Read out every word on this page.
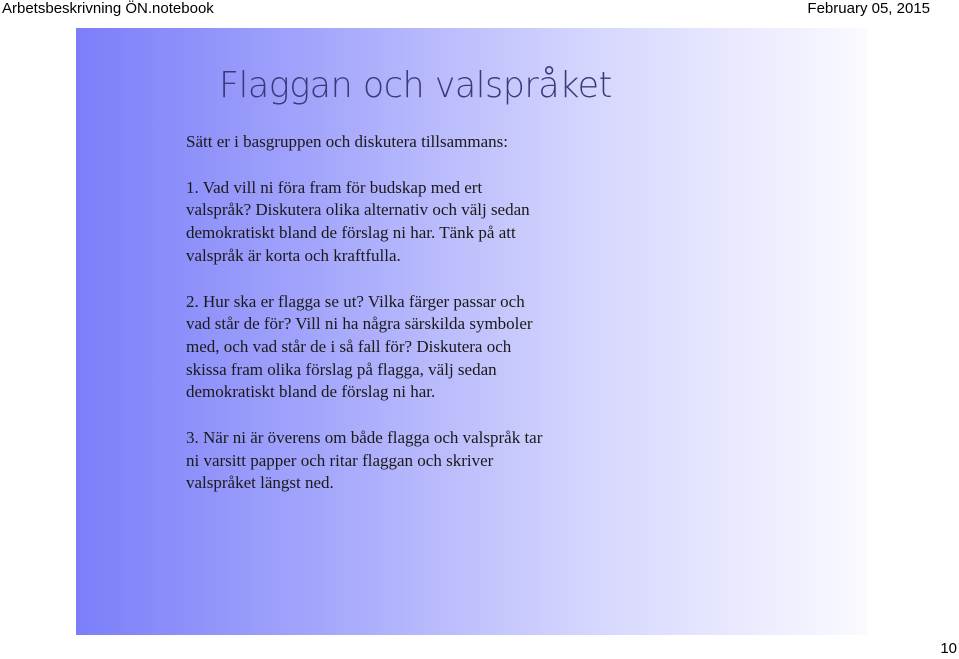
Arbetsbeskrivning ÖN.notebook	February 05, 2015
Flaggan och valspråket

Sätt er i basgruppen och diskutera tillsammans:

1. Vad vill ni föra fram för budskap med ert
valspråk? Diskutera olika alternativ och välj sedan
demokratiskt bland de förslag ni har. Tänk på att
valspråk är korta och kraftfulla.

2. Hur ska er flagga se ut? Vilka färger passar och
vad står de för? Vill ni ha några särskilda symboler
med, och vad står de i så fall för? Diskutera och
skissa fram olika förslag på flagga, välj sedan
demokratiskt bland de förslag ni har.

3. När ni är överens om både flagga och valspråk tar
ni varsitt papper och ritar flaggan och skriver
valspråket längst ned.

10
